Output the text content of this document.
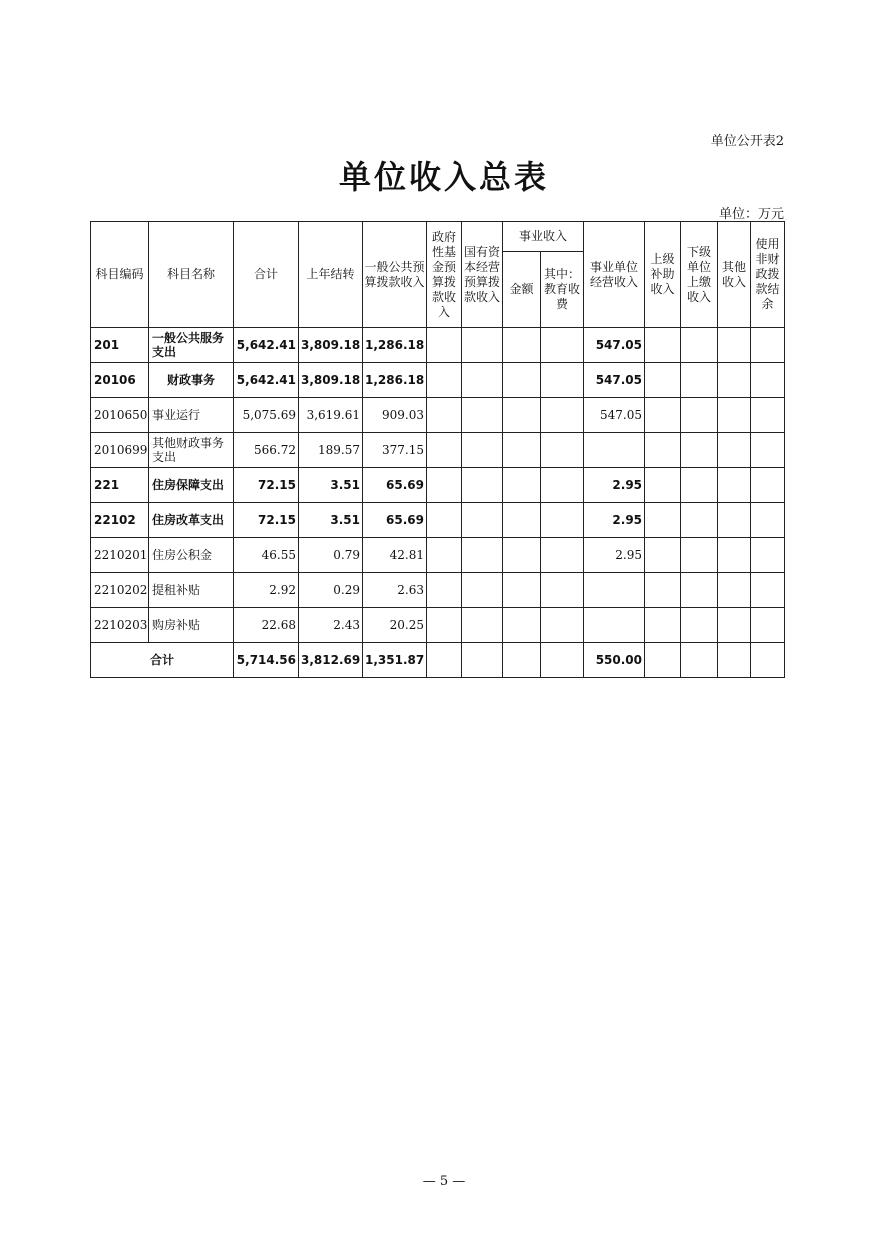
单位公开表2
单位收入总表
单位：万元
科目编码	科目名称	合计	上年结转	一般公共预算拨款收入	政府性基金预算拨款收入	国有资本经营预算拨款收入	事业收入		事业单位经营收入	上级补助收入	下级单位上缴收入	其他收入	使用非财政拨款结余
							金额	其中：教育收费					
201	一般公共服务支出	5,642.41	3,809.18	1,286.18					547.05				
20106	财政事务	5,642.41	3,809.18	1,286.18					547.05				
2010650	事业运行	5,075.69	3,619.61	909.03					547.05				
2010699	其他财政事务支出	566.72	189.57	377.15									
221	住房保障支出	72.15	3.51	65.69					2.95				
22102	住房改革支出	72.15	3.51	65.69					2.95				
2210201	住房公积金	46.55	0.79	42.81					2.95				
2210202	提租补贴	2.92	0.29	2.63									
2210203	购房补贴	22.68	2.43	20.25									
合计		5,714.56	3,812.69	1,351.87					550.00				
— 5 —
